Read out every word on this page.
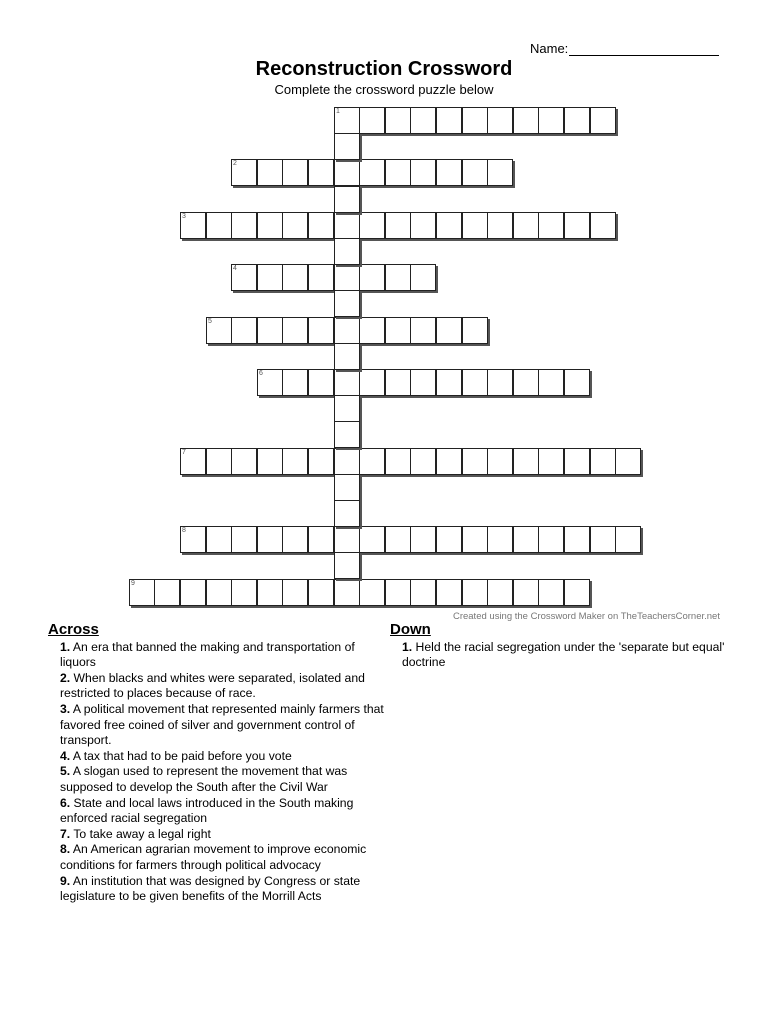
Name:
Reconstruction Crossword
Complete the crossword puzzle below
1
2
3
4
5
6
7
8
9
Created using the Crossword Maker on TheTeachersCorner.net
Across
1. An era that banned the making and transportation of liquors
2. When blacks and whites were separated, isolated and restricted to places because of race.
3. A political movement that represented mainly farmers that favored free coined of silver and government control of transport.
4. A tax that had to be paid before you vote
5. A slogan used to represent the movement that was supposed to develop the South after the Civil War
6. State and local laws introduced in the South making enforced racial segregation
7. To take away a legal right
8. An American agrarian movement to improve economic conditions for farmers through political advocacy
9. An institution that was designed by Congress or state legislature to be given benefits of the Morrill Acts
Down
1. Held the racial segregation under the 'separate but equal' doctrine
